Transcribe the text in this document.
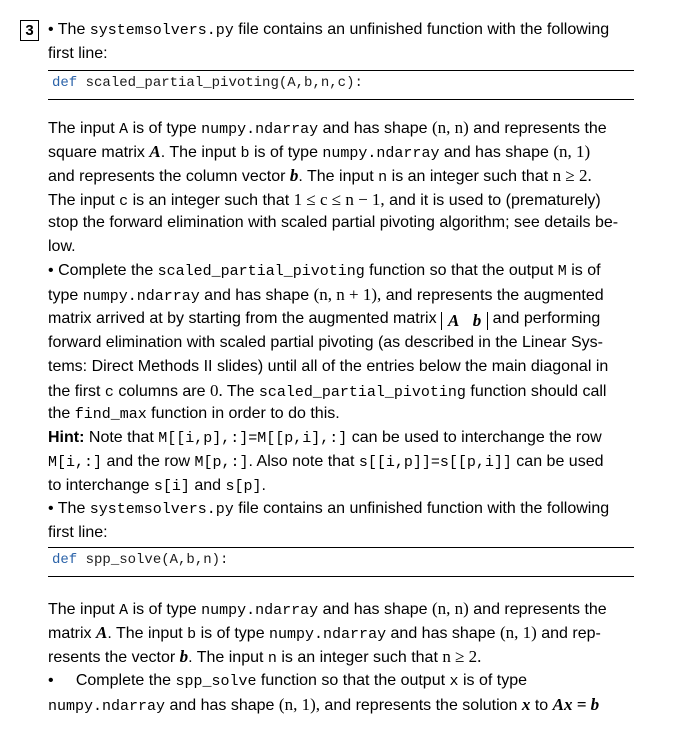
3 • The systemsolvers.py file contains an unfinished function with the following
first line:
def scaled_partial_pivoting(A,b,n,c):
The input A is of type numpy.ndarray and has shape (n, n) and represents the
square matrix A. The input b is of type numpy.ndarray and has shape (n, 1)
and represents the column vector b. The input n is an integer such that n ≥ 2.
The input c is an integer such that 1 ≤ c ≤ n − 1, and it is used to (prematurely)
stop the forward elimination with scaled partial pivoting algorithm; see details be-
low.
• Complete the scaled_partial_pivoting function so that the output M is of
type numpy.ndarray and has shape (n, n + 1), and represents the augmented
matrix arrived at by starting from the augmented matrix A b and performing
forward elimination with scaled partial pivoting (as described in the Linear Sys-
tems: Direct Methods II slides) until all of the entries below the main diagonal in
the first c columns are 0. The scaled_partial_pivoting function should call
the find_max function in order to do this.
Hint: Note that M[[i,p],:]=M[[p,i],:] can be used to interchange the row
M[i,:] and the row M[p,:]. Also note that s[[i,p]]=s[[p,i]] can be used
to interchange s[i] and s[p].
• The systemsolvers.py file contains an unfinished function with the following
first line:
def spp_solve(A,b,n):
The input A is of type numpy.ndarray and has shape (n, n) and represents the
matrix A. The input b is of type numpy.ndarray and has shape (n, 1) and rep-
resents the vector b. The input n is an integer such that n ≥ 2.
• Complete the spp_solve function so that the output x is of type
numpy.ndarray and has shape (n, 1), and represents the solution x to Ax = b
